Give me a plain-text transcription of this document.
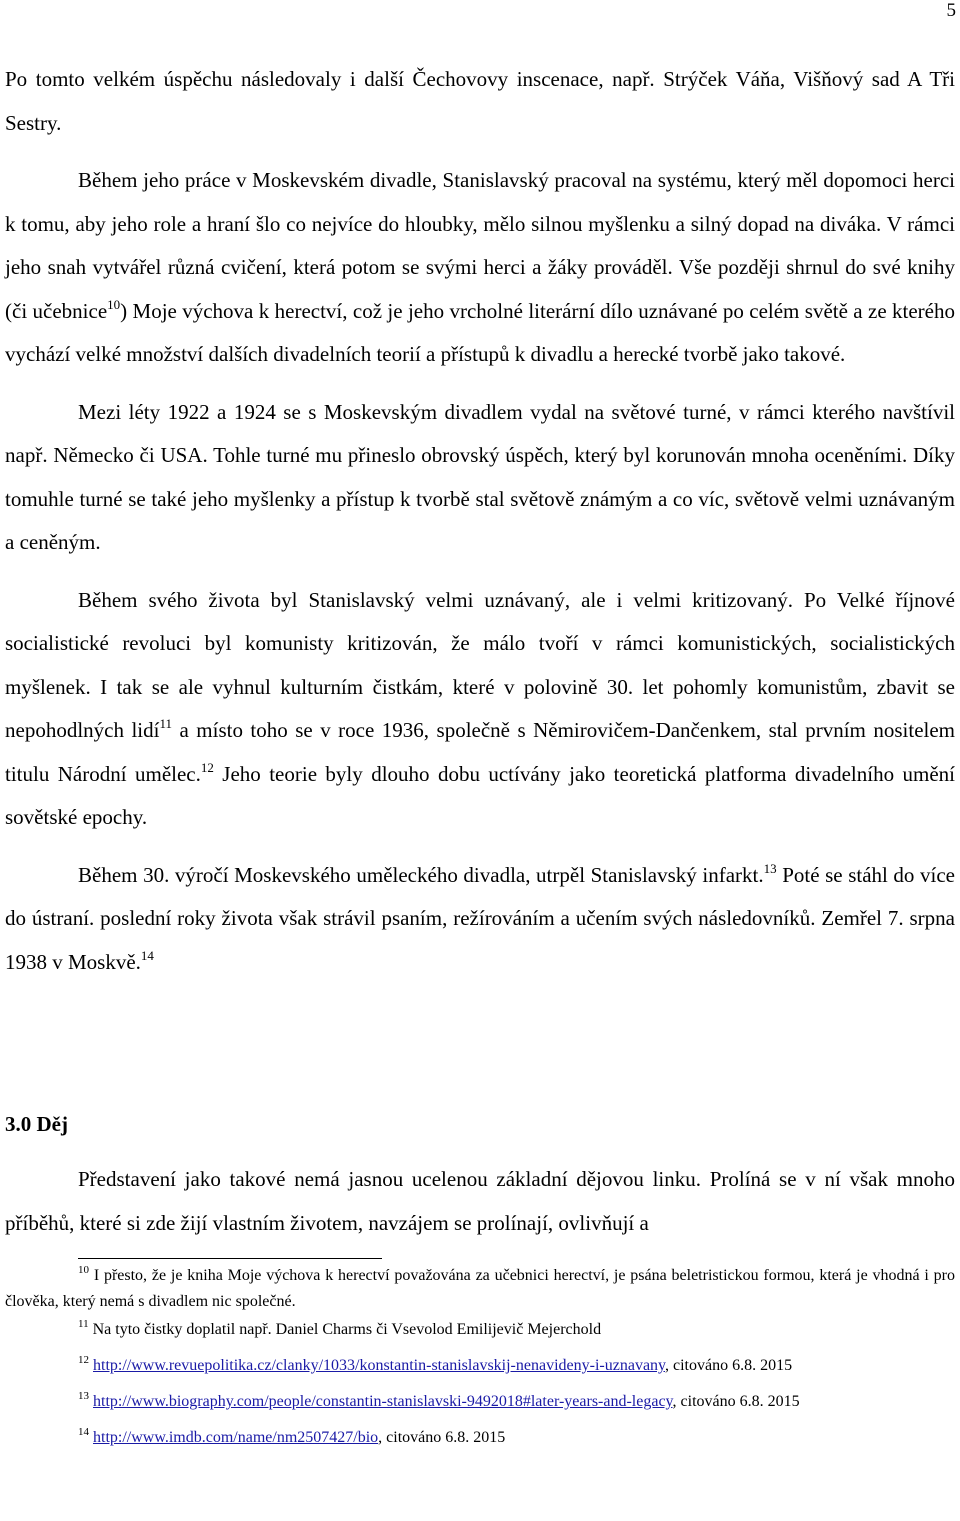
5

Po tomto velkém úspěchu následovaly i další Čechovovy inscenace, např. Strýček Váňa, Višňový sad A Tři Sestry.

Během jeho práce v Moskevském divadle, Stanislavský pracoval na systému, který měl dopomoci herci k tomu, aby jeho role a hraní šlo co nejvíce do hloubky, mělo silnou myšlenku a silný dopad na diváka. V rámci jeho snah vytvářel různá cvičení, která potom se svými herci a žáky prováděl. Vše později shrnul do své knihy (či učebnice$^{10}$) Moje výchova k herectví, což je jeho vrcholné literární dílo uznávané po celém světě a ze kterého vychází velké množství dalších divadelních teorií a přístupů k divadlu a herecké tvorbě jako takové.

Mezi léty 1922 a 1924 se s Moskevským divadlem vydal na světové turné, v rámci kterého navštívil např. Německo či USA. Tohle turné mu přineslo obrovský úspěch, který byl korunován mnoha oceněními. Díky tomuhle turné se také jeho myšlenky a přístup k tvorbě stal světově známým a co víc, světově velmi uznávaným a ceněným.

Během svého života byl Stanislavský velmi uznávaný, ale i velmi kritizovaný. Po Velké říjnové socialistické revoluci byl komunisty kritizován, že málo tvoří v rámci komunistických, socialistických myšlenek. I tak se ale vyhnul kulturním čistkám, které v polovině 30. let pohomly komunistům, zbavit se nepohodlných lidí$^{11}$ a místo toho se v roce 1936, společně s Němirovičem-Dančenkem, stal prvním nositelem titulu Národní umělec.$^{12}$ Jeho teorie byly dlouho dobu uctívány jako teoretická platforma divadelního umění sovětské epochy.

Během 30. výročí Moskevského uměleckého divadla, utrpěl Stanislavský infarkt.$^{13}$ Poté se stáhl do více do ústraní. poslední roky života však strávil psaním, režírováním a učením svých následovníků. Zemřel 7. srpna 1938 v Moskvě.$^{14}$

3.0 Děj

Představení jako takové nemá jasnou ucelenou základní dějovou linku. Prolíná se v ní však mnoho příběhů, které si zde žijí vlastním životem, navzájem se prolínají, ovlivňují a

$^{10}$ I přesto, že je kniha Moje výchova k herectví považována za učebnici herectví, je psána beletristickou formou, která je vhodná i pro člověka, který nemá s divadlem nic společné.

$^{11}$ Na tyto čistky doplatil např. Daniel Charms či Vsevolod Emilijevič Mejerchold

$^{12}$ http://www.revuepolitika.cz/clanky/1033/konstantin-stanislavskij-nenavideny-i-uznavany, citováno 6.8. 2015

$^{13}$ http://www.biography.com/people/constantin-stanislavski-9492018#later-years-and-legacy, citováno 6.8. 2015

$^{14}$ http://www.imdb.com/name/nm2507427/bio, citováno 6.8. 2015
